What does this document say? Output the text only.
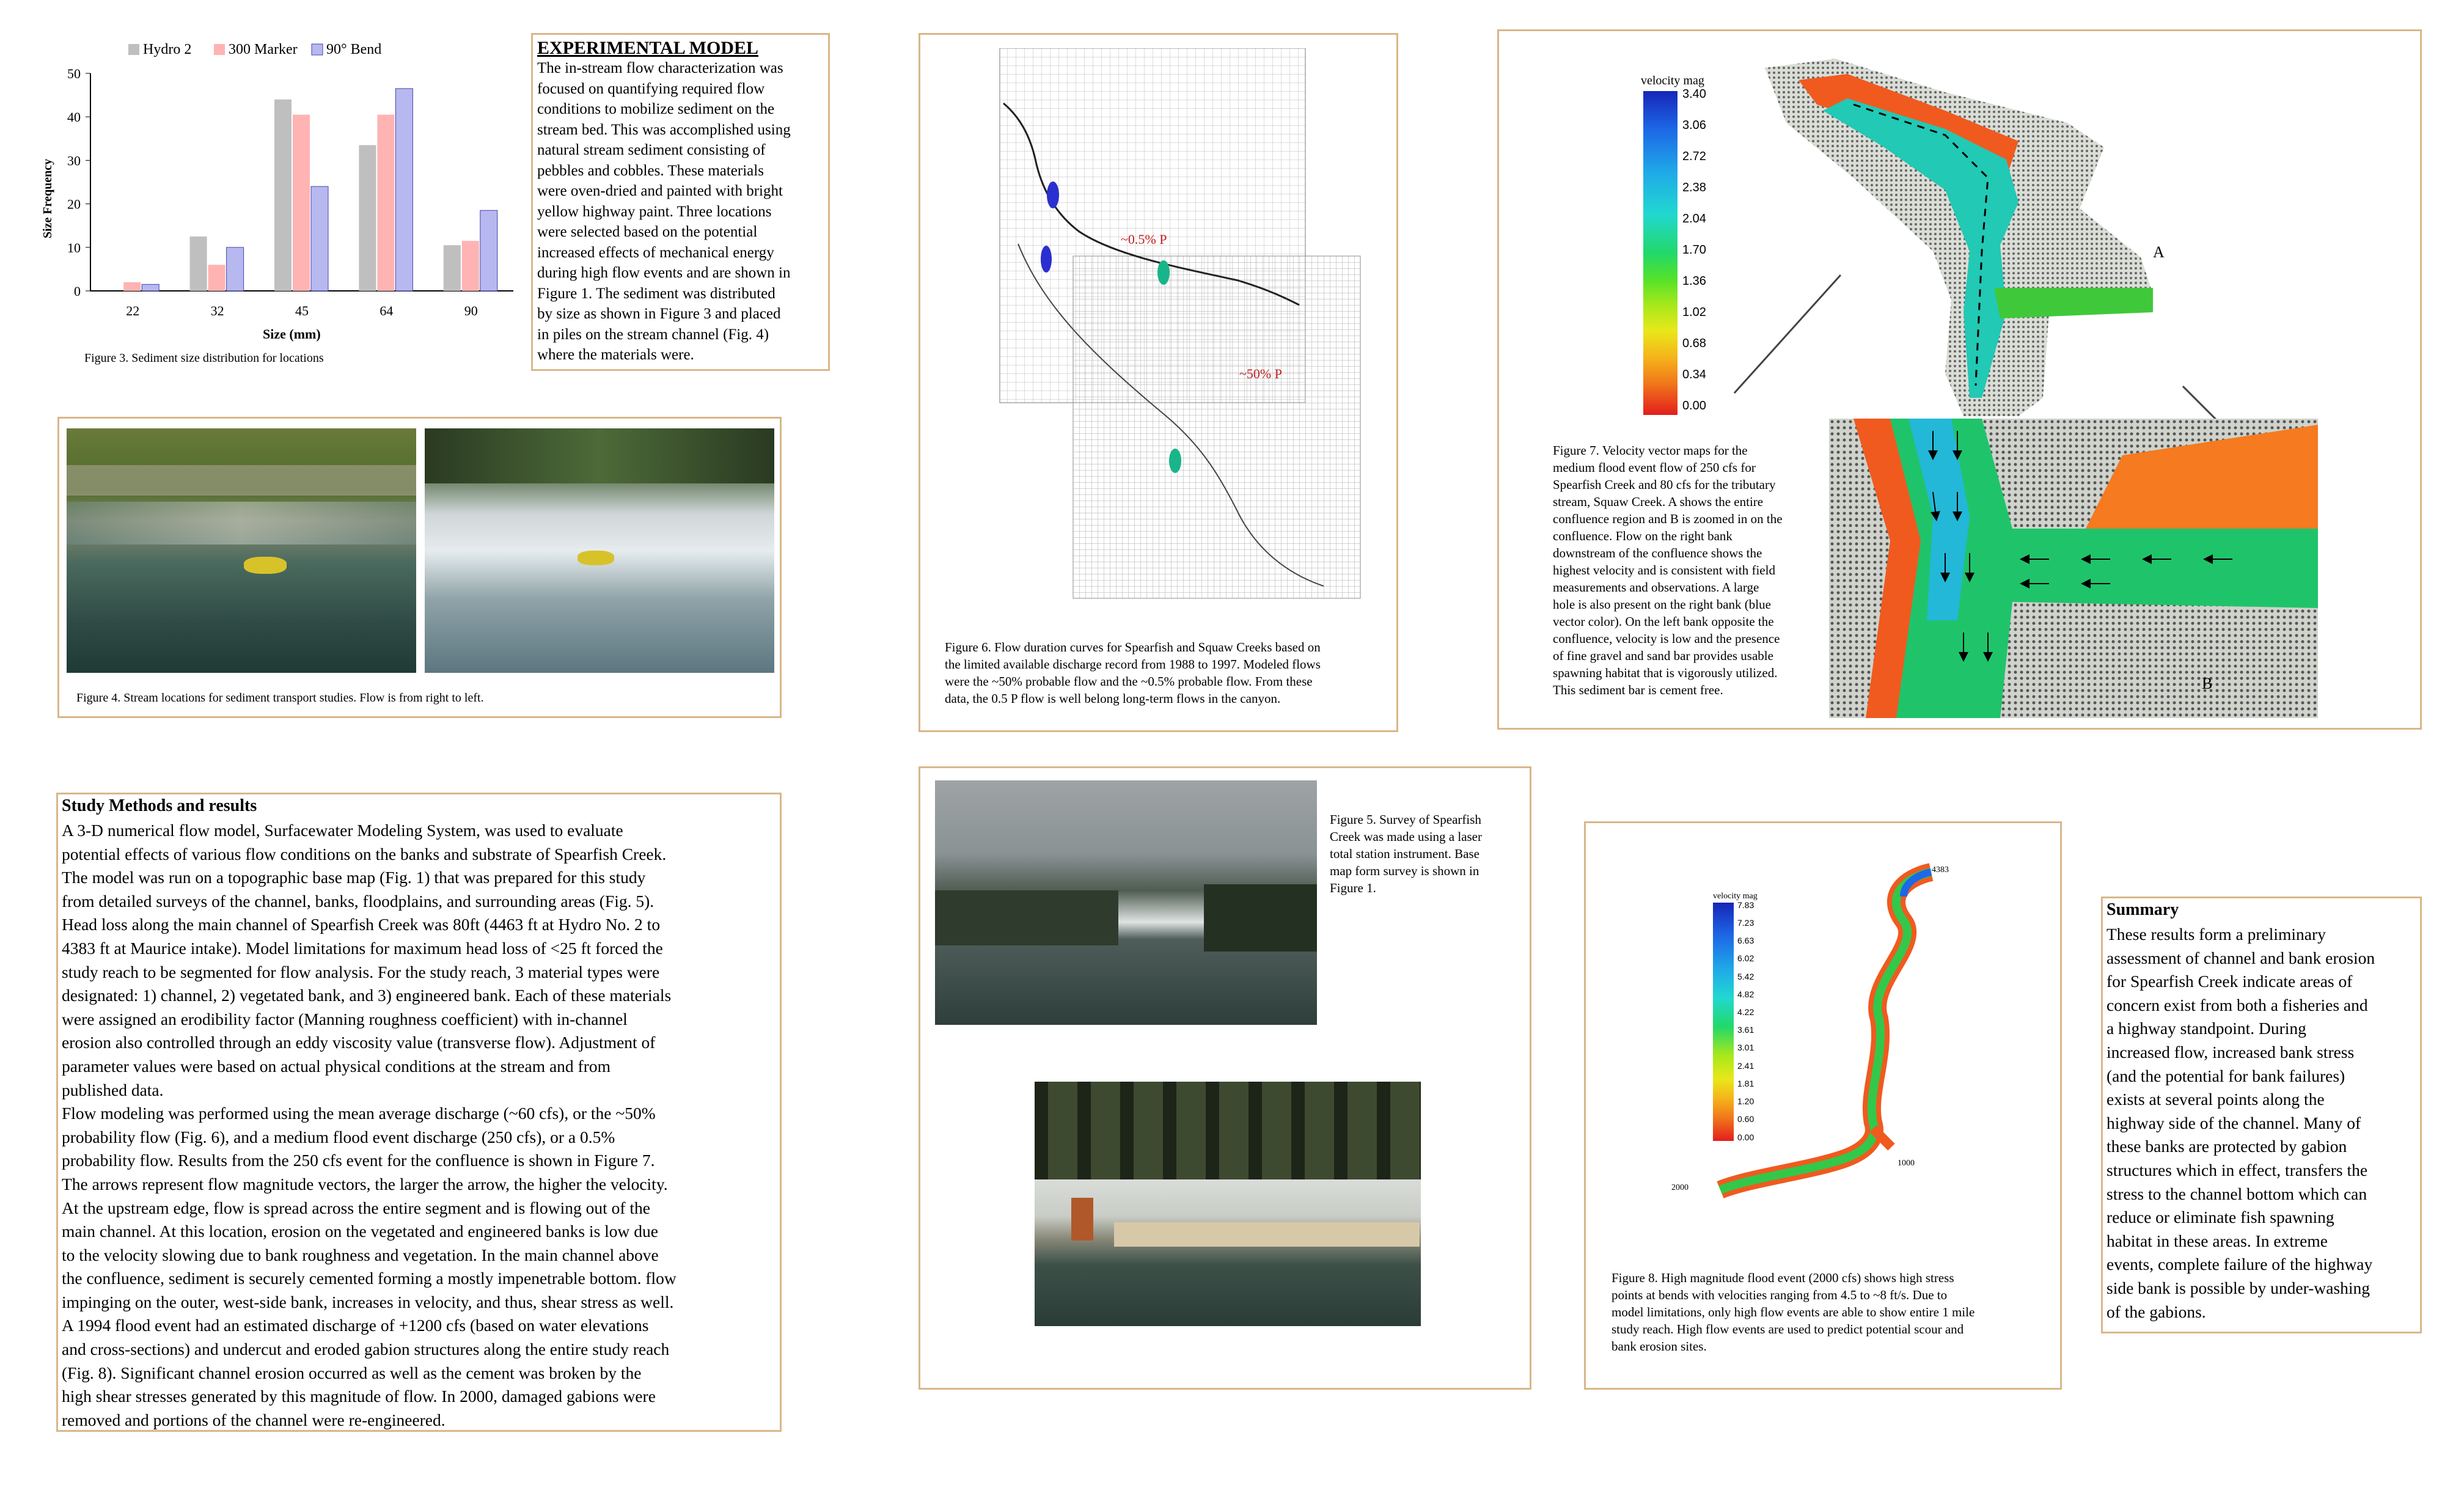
Hydro 2	300 Marker 90° Bend
Size Frequency
0
10
20
30
40
50
22	32	45	64	90
Size (mm)
Figure 3. Sediment size distribution for locations
EXPERIMENTAL MODEL
The in-stream flow characterization was
focused on quantifying required flow
conditions to mobilize sediment on the
stream bed. This was accomplished using
natural stream sediment consisting of
pebbles and cobbles. These materials
were oven-dried and painted with bright
yellow highway paint. Three locations
were selected based on the potential
increased effects of mechanical energy
during high flow events and are shown in
Figure 1. The sediment was distributed
by size as shown in Figure 3 and placed
in piles on the stream channel (Fig. 4)
where the materials were.
Figure 4. Stream locations for sediment transport studies. Flow is from right to left.
~0.5% P
~50% P
Figure 6. Flow duration curves for Spearfish and Squaw Creeks based on
the limited available discharge record from 1988 to 1997. Modeled flows
were the ~50% probable flow and the ~0.5% probable flow. From these
data, the 0.5 P flow is well belong long-term flows in the canyon.
velocity mag
3.40
3.06
2.72
2.38
2.04
1.70
1.36
1.02
0.68
0.34
0.00
A
B
Figure 7. Velocity vector maps for the
medium flood event flow of 250 cfs for
Spearfish Creek and 80 cfs for the tributary
stream, Squaw Creek. A shows the entire
confluence region and B is zoomed in on the
confluence. Flow on the right bank
downstream of the confluence shows the
highest velocity and is consistent with field
measurements and observations. A large
hole is also present on the right bank (blue
vector color). On the left bank opposite the
confluence, velocity is low and the presence
of fine gravel and sand bar provides usable
spawning habitat that is vigorously utilized.
This sediment bar is cement free.
Study Methods and results
A 3-D numerical flow model, Surfacewater Modeling System, was used to evaluate
potential effects of various flow conditions on the banks and substrate of Spearfish Creek.
The model was run on a topographic base map (Fig. 1) that was prepared for this study
from detailed surveys of the channel, banks, floodplains, and surrounding areas (Fig. 5).
Head loss along the main channel of Spearfish Creek was 80ft (4463 ft at Hydro No. 2 to
4383 ft at Maurice intake). Model limitations for maximum head loss of <25 ft forced the
study reach to be segmented for flow analysis. For the study reach, 3 material types were
designated: 1) channel, 2) vegetated bank, and 3) engineered bank. Each of these materials
were assigned an erodibility factor (Manning roughness coefficient) with in-channel
erosion also controlled through an eddy viscosity value (transverse flow). Adjustment of
parameter values were based on actual physical conditions at the stream and from
published data.
Flow modeling was performed using the mean average discharge (~60 cfs), or the ~50%
probability flow (Fig. 6), and a medium flood event discharge (250 cfs), or a 0.5%
probability flow. Results from the 250 cfs event for the confluence is shown in Figure 7.
The arrows represent flow magnitude vectors, the larger the arrow, the higher the velocity.
At the upstream edge, flow is spread across the entire segment and is flowing out of the
main channel. At this location, erosion on the vegetated and engineered banks is low due
to the velocity slowing due to bank roughness and vegetation. In the main channel above
the confluence, sediment is securely cemented forming a mostly impenetrable bottom. flow
impinging on the outer, west-side bank, increases in velocity, and thus, shear stress as well.
A 1994 flood event had an estimated discharge of +1200 cfs (based on water elevations
and cross-sections) and undercut and eroded gabion structures along the entire study reach
(Fig. 8). Significant channel erosion occurred as well as the cement was broken by the
high shear stresses generated by this magnitude of flow. In 2000, damaged gabions were
removed and portions of the channel were re-engineered.
Figure 5. Survey of Spearfish
Creek was made using a laser
total station instrument. Base
map form survey is shown in
Figure 1.
velocity mag
7.83
7.23
6.63
6.02
5.42
4.82
4.22
3.61
3.01
2.41
1.81
1.20
0.60
0.00
4383
2000
1000
Figure 8. High magnitude flood event (2000 cfs) shows high stress
points at bends with velocities ranging from 4.5 to ~8 ft/s. Due to
model limitations, only high flow events are able to show entire 1 mile
study reach. High flow events are used to predict potential scour and
bank erosion sites.
Summary
These results form a preliminary
assessment of channel and bank erosion
for Spearfish Creek indicate areas of
concern exist from both a fisheries and
a highway standpoint. During
increased flow, increased bank stress
(and the potential for bank failures)
exists at several points along the
highway side of the channel. Many of
these banks are protected by gabion
structures which in effect, transfers the
stress to the channel bottom which can
reduce or eliminate fish spawning
habitat in these areas. In extreme
events, complete failure of the highway
side bank is possible by under-washing
of the gabions.
